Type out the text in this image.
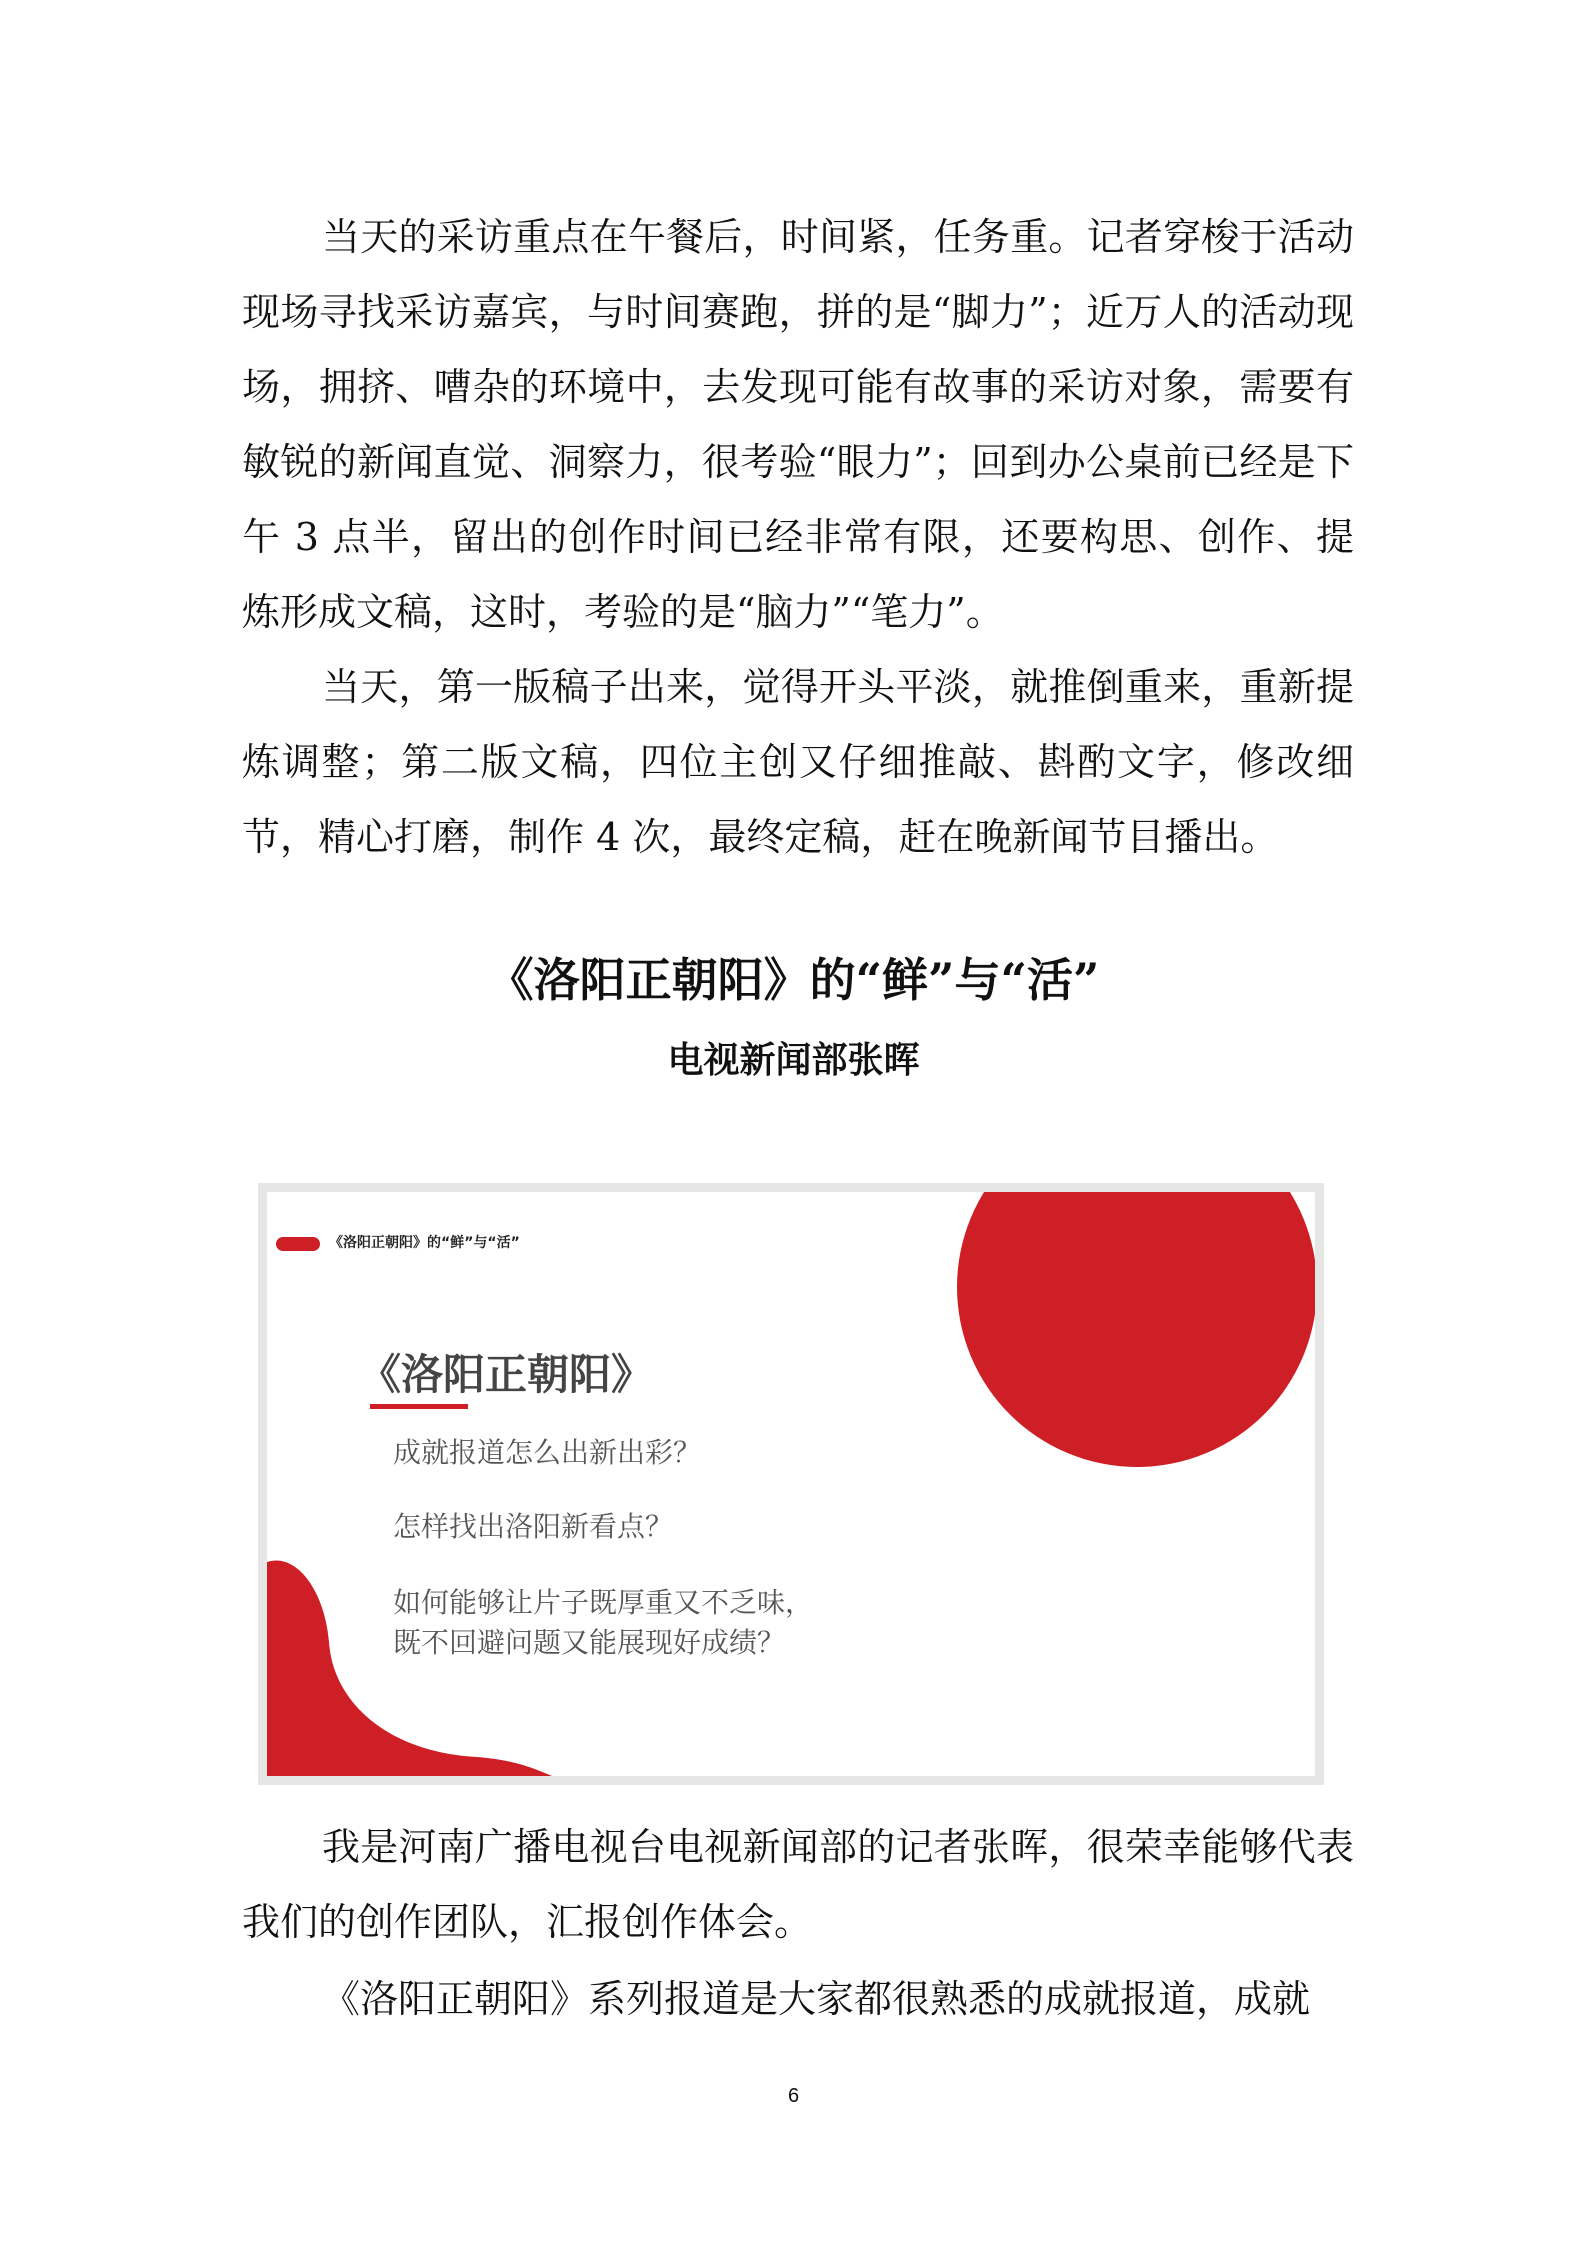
当天的采访重点在午餐后，时间紧，任务重。记者穿梭于活动现场寻找采访嘉宾，与时间赛跑，拼的是“脚力”；近万人的活动现场，拥挤、嘈杂的环境中，去发现可能有故事的采访对象，需要有敏锐的新闻直觉、洞察力，很考验“眼力”；回到办公桌前已经是下午 3 点半，留出的创作时间已经非常有限，还要构思、创作、提炼形成文稿，这时，考验的是“脑力”“笔力”。

当天，第一版稿子出来，觉得开头平淡，就推倒重来，重新提炼调整；第二版文稿，四位主创又仔细推敲、斟酌文字，修改细节，精心打磨，制作 4 次，最终定稿，赶在晚新闻节目播出。

《洛阳正朝阳》的“鲜”与“活”
电视新闻部张晖
《洛阳正朝阳》的“鲜”与“活”
《洛阳正朝阳》
成就报道怎么出新出彩？
怎样找出洛阳新看点？
如何能够让片子既厚重又不乏味，
既不回避问题又能展现好成绩？

我是河南广播电视台电视新闻部的记者张晖，很荣幸能够代表我们的创作团队，汇报创作体会。

《洛阳正朝阳》系列报道是大家都很熟悉的成就报道，成就

6
